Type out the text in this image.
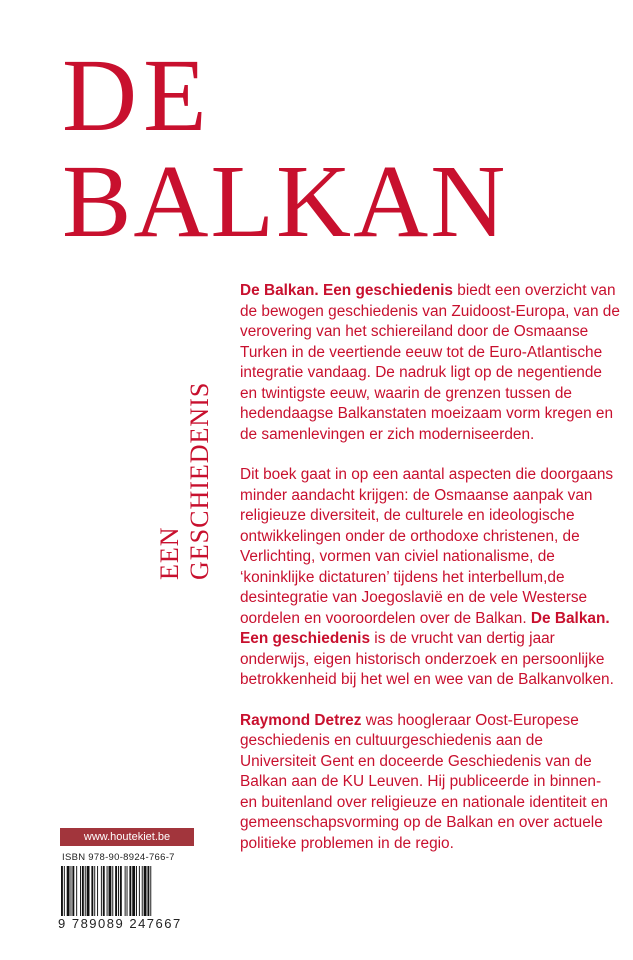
DE
BALKAN
EEN GESCHIEDENIS

De Balkan. Een geschiedenis biedt een overzicht van de bewogen geschiedenis van Zuidoost-Europa, van de verovering van het schiereiland door de Osmaanse Turken in de veertiende eeuw tot de Euro-Atlantische integratie vandaag. De nadruk ligt op de negentiende en twintigste eeuw, waarin de grenzen tussen de hedendaagse Balkanstaten moeizaam vorm kregen en de samenlevingen er zich moderniseerden.

Dit boek gaat in op een aantal aspecten die doorgaans minder aandacht krijgen: de Osmaanse aanpak van religieuze diversiteit, de culturele en ideologische ontwikkelingen onder de orthodoxe christenen, de Verlichting, vormen van civiel nationalisme, de ‘koninklijke dictaturen’ tijdens het interbellum,de desintegratie van Joegoslavië en de vele Westerse oordelen en vooroordelen over de Balkan. De Balkan. Een geschiedenis is de vrucht van dertig jaar onderwijs, eigen historisch onderzoek en persoonlijke betrokkenheid bij het wel en wee van de Balkanvolken.

Raymond Detrez was hoogleraar Oost-Europese geschiedenis en cultuurgeschiedenis aan de Universiteit Gent en doceerde Geschiedenis van de Balkan aan de KU Leuven. Hij publiceerde in binnen- en buitenland over religieuze en nationale identiteit en gemeenschapsvorming op de Balkan en over actuele politieke problemen in de regio.

www.houtekiet.be
ISBN 978-90-8924-766-7
9 789089 247667
